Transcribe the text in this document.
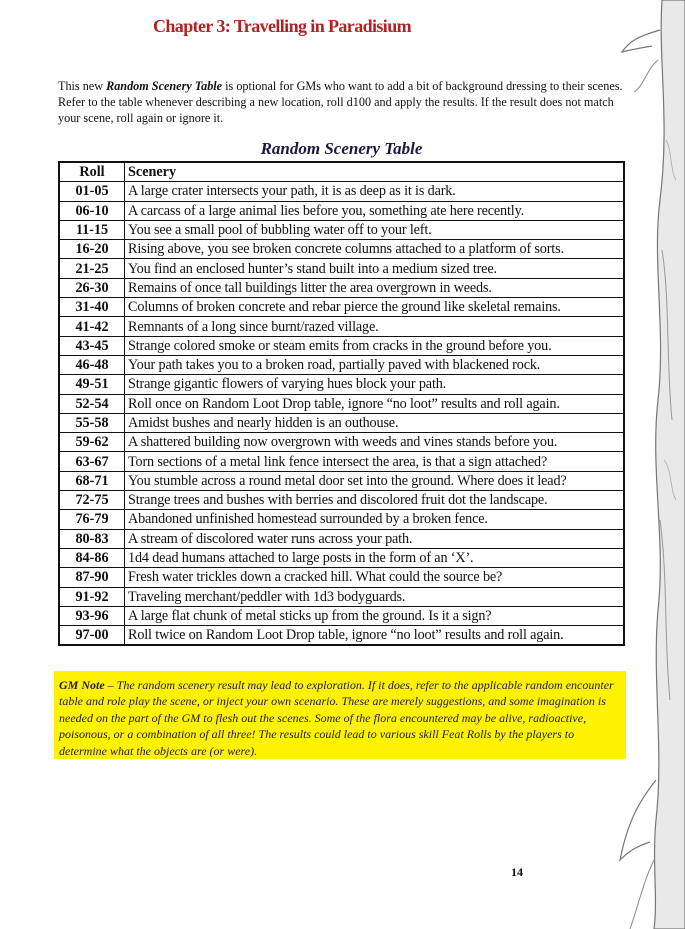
Chapter 3: Travelling in Paradisium
This new Random Scenery Table is optional for GMs who want to add a bit of background dressing to their scenes. Refer to the table whenever describing a new location, roll d100 and apply the results. If the result does not match your scene, roll again or ignore it.
Random Scenery Table
Roll	Scenery
01-05	A large crater intersects your path, it is as deep as it is dark.
06-10	A carcass of a large animal lies before you, something ate here recently.
11-15	You see a small pool of bubbling water off to your left.
16-20	Rising above, you see broken concrete columns attached to a platform of sorts.
21-25	You find an enclosed hunter’s stand built into a medium sized tree.
26-30	Remains of once tall buildings litter the area overgrown in weeds.
31-40	Columns of broken concrete and rebar pierce the ground like skeletal remains.
41-42	Remnants of a long since burnt/razed village.
43-45	Strange colored smoke or steam emits from cracks in the ground before you.
46-48	Your path takes you to a broken road, partially paved with blackened rock.
49-51	Strange gigantic flowers of varying hues block your path.
52-54	Roll once on Random Loot Drop table, ignore “no loot” results and roll again.
55-58	Amidst bushes and nearly hidden is an outhouse.
59-62	A shattered building now overgrown with weeds and vines stands before you.
63-67	Torn sections of a metal link fence intersect the area, is that a sign attached?
68-71	You stumble across a round metal door set into the ground. Where does it lead?
72-75	Strange trees and bushes with berries and discolored fruit dot the landscape.
76-79	Abandoned unfinished homestead surrounded by a broken fence.
80-83	A stream of discolored water runs across your path.
84-86	1d4 dead humans attached to large posts in the form of an ‘X’.
87-90	Fresh water trickles down a cracked hill. What could the source be?
91-92	Traveling merchant/peddler with 1d3 bodyguards.
93-96	A large flat chunk of metal sticks up from the ground. Is it a sign?
97-00	Roll twice on Random Loot Drop table, ignore “no loot” results and roll again.
GM Note – The random scenery result may lead to exploration. If it does, refer to the applicable random encounter table and role play the scene, or inject your own scenario. These are merely suggestions, and some imagination is needed on the part of the GM to flesh out the scenes. Some of the flora encountered may be alive, radioactive, poisonous, or a combination of all three! The results could lead to various skill Feat Rolls by the players to determine what the objects are (or were).
14
